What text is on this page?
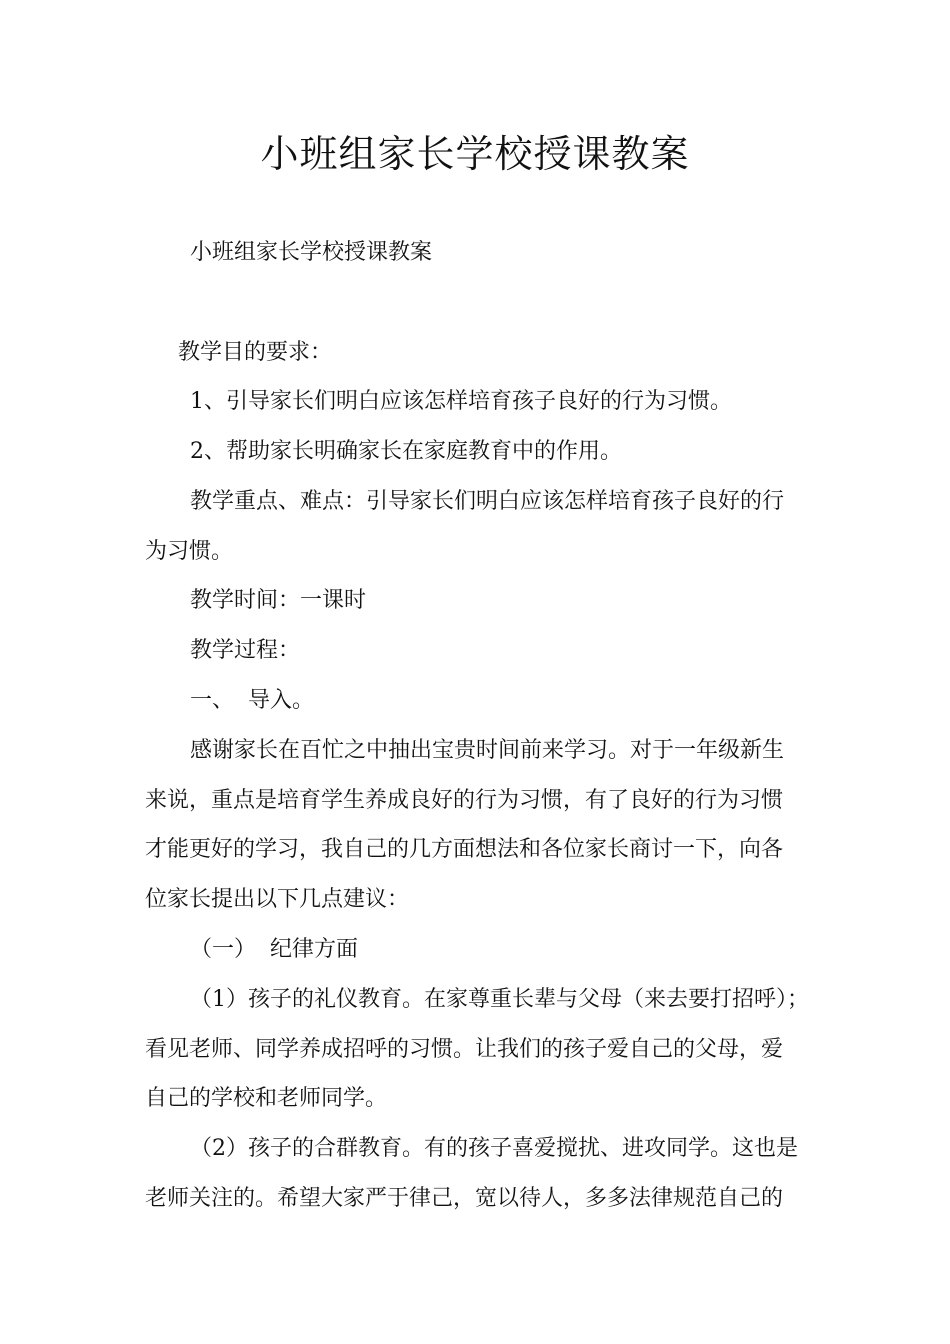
小班组家长学校授课教案
小班组家长学校授课教案
教学目的要求：
1、引导家长们明白应该怎样培育孩子良好的行为习惯。
2、帮助家长明确家长在家庭教育中的作用。
教学重点、难点：引导家长们明白应该怎样培育孩子良好的行
为习惯。
教学时间：一课时
教学过程：
一、  导入。
感谢家长在百忙之中抽出宝贵时间前来学习。对于一年级新生
来说，重点是培育学生养成良好的行为习惯，有了良好的行为习惯
才能更好的学习，我自己的几方面想法和各位家长商讨一下，向各
位家长提出以下几点建议：
（一）  纪律方面
（1）孩子的礼仪教育。在家尊重长辈与父母（来去要打招呼）；
看见老师、同学养成招呼的习惯。让我们的孩子爱自己的父母，爱
自己的学校和老师同学。
（2）孩子的合群教育。有的孩子喜爱搅扰、进攻同学。这也是
老师关注的。希望大家严于律己，宽以待人，多多法律规范自己的
